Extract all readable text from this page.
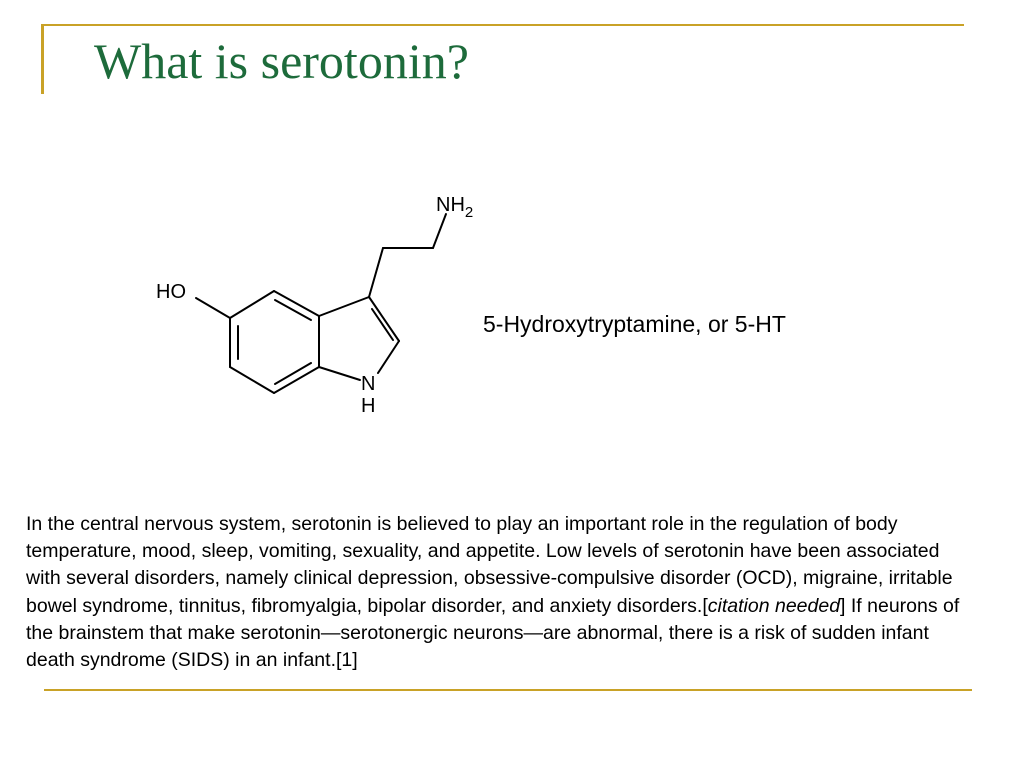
What is serotonin?
$NH_2$
HO
N
H
5-Hydroxytryptamine, or 5-HT

In the central nervous system, serotonin is believed to play an important role in the regulation of body temperature, mood, sleep, vomiting, sexuality, and appetite. Low levels of serotonin have been associated with several disorders, namely clinical depression, obsessive-compulsive disorder (OCD), migraine, irritable bowel syndrome, tinnitus, fibromyalgia, bipolar disorder, and anxiety disorders.[citation needed] If neurons of the brainstem that make serotonin—serotonergic neurons—are abnormal, there is a risk of sudden infant death syndrome (SIDS) in an infant.[1]
